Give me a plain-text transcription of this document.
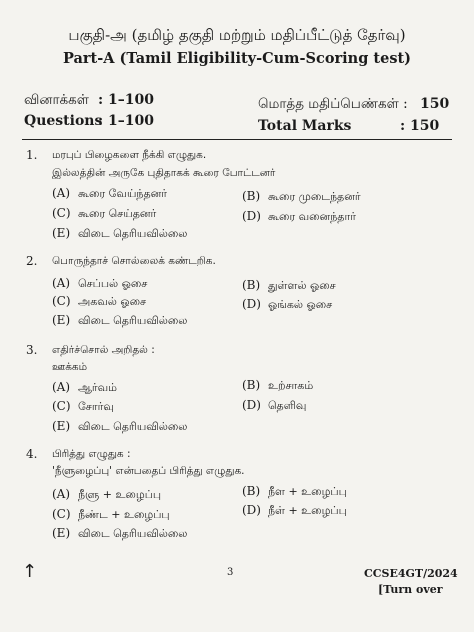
பகுதி-அ (தமிழ் தகுதி மற்றும் மதிப்பீட்டுத் தேர்வு)
Part-A (Tamil Eligibility-Cum-Scoring test)
வினாக்கள் : 1–100
Questions
: 1–100
மொத்த மதிப்பெண்கள் : 150
Total Marks	: 150
1. மரபுப் பிழைகளை நீக்கி எழுதுக.
இல்லத்தின் அருகே புதிதாகக் கூரை போட்டனர்
(A) கூரை வேய்ந்தனர்	(B) கூரை முடைந்தனர்
(C) கூரை செய்தனர்	(D) கூரை வனைந்தார்
(E) விடை தெரியவில்லை
2. பொருந்தாச் சொல்லைக் கண்டறிக.
(A) செப்பல் ஓசை	(B) துள்ளல் ஓசை
(C) அகவல் ஓசை	(D) ஓங்கல் ஓசை
(E) விடை தெரியவில்லை
3. எதிர்ச்சொல் அறிதல் :
ஊக்கம்
(A) ஆர்வம்	(B) உற்சாகம்
(C) சோர்வு	(D) தெளிவு
(E) விடை தெரியவில்லை
4. பிரித்து எழுதுக :
'நீளுழைப்பு' என்பதைப் பிரித்து எழுதுக.
(A) நீளு + உழைப்பு	(B) நீள + உழைப்பு
(C) நீண்ட + உழைப்பு	(D) நீள் + உழைப்பு
(E) விடை தெரியவில்லை
↑	3	CCSE4GT/2024
[Turn over
